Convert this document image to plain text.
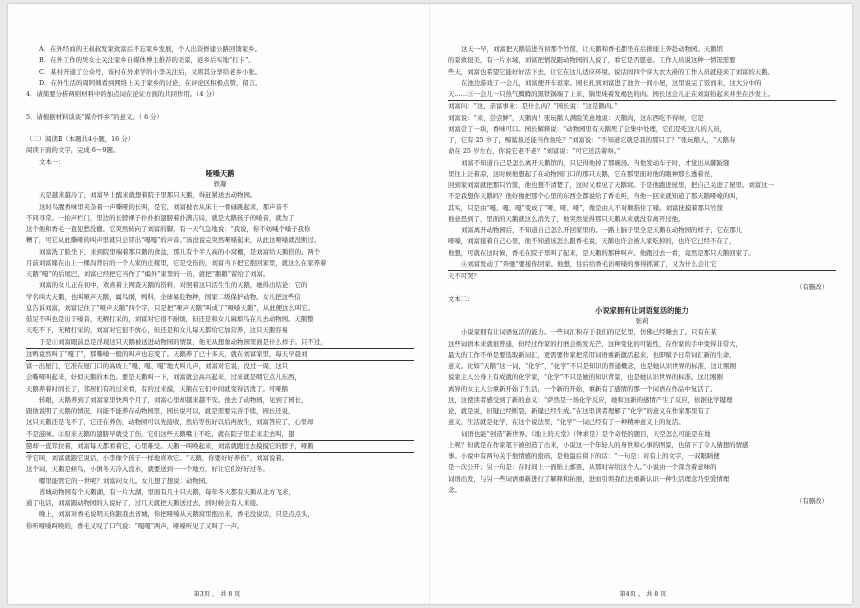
A．在外经商的王叔叔发家致富后不忘家乡发展，个人出资修建公路回馈家乡。
B．在外工作的吴女士关注家乡自媒体博主推荐的美景，返乡后实地“打卡”。
C．某村开通了公众号，该村在外求学的小李关注后，又将其分享给老乡小张。
D．在外生活的周阿姨看到网络上关于家乡的讨论，在评论区积极点赞、留言。
4．请简要分析两则材料中的加点词在论证方面的共同作用。（4 分）

5．请根据材料谈谈“媒介怀乡”的意义。（ 6 分）

（二）阅读Ⅱ（本题共4小题，16 分）
阅读下面的文字，完成 6～9题。
文本一：
哑嗓天鹅
轶凝
天是越来越冷了，刘富早上醒来就想着院子里那只天鹅，得赶紧送去动物园。
这时鸟腥香味里夹杂着一声嘶哑的长叫，是它，刘富披衣从床上一骨碌跳起来，那声音不
不同寻常。一抬声栏门，里边的长脖裸子扑扑拍翅膀着扑满吉局，就是大鹅孩子的嗓音，就为了
这个他和香毛一直犯愁没辙。它突然转向了刘富的脚，有一天气急地说：“我说，你不妨喊个嗓子我你
糟了，可它从此嘶哑的叫声里就只会冒出“嘎嘎”的声音。”汤没说完突然哑嗓起来，从此这哑嗓就没断过。
刘富洗了脸坐下，来到院里端着那只鹅的食盆，那儿有个半人高的小窝棚，是刘富给天鹅搭的。两个
月前刘富嫁在山上一棵沟背后的一个人家的庄稼里，它是受伤的，刘富当下把它抱回家里，就这么在家养着
天鹅“嘎”的后尾巴，刘富已经把它当作了“编外”家里的一员，就把“鹅鹅”留给了刘富。
刘富的女儿正在初中，欢喜着上网查天鹅的资料，对照着这只活生生的天鹅，她得出结论：它的
学名叫大天鹅，也叫哑声天鹅，属鸟纲，鸭科，全球易危物种，国家二级保护动物。女儿把这些信
息告诉刘富。刘富记住了“哑声天鹅”四个字，只是把“哑声天鹅”叫成了“哑嗓天鹅”，从此便这么叫它。
鼓足不叫也是出于嗓音，无精打采的，刘富对它很不耐烦，但还是和女儿麻烦鸟在儿去动物园。天鹅整
天吃不下，无精打采的，刘富对它很不放心，但还是和女儿每天都给它加营养，这只天鹅容易
于是①刘富眼前总是浮现这只天鹅被送进动物园的情景，他无从想象动物园里面是什么样子。只不过，
这鸭竟然叫了“嘎了”，那嘶嗓一般的叫声也忘变了。天鹅养了已十多天，就在刘富家里，每天早晨刘
富一出屋门，它准在屋门口的高坡上“嘎、嘎、嘎”地大叫儿声，刘富对它说，没过一周，这只
会嘶哑叫起来，好似天鹅的本色。要是天鹅叫一下，刘富就会高兴起来，过来就是喂它点儿东西，
天鹅养着时间长了，邻居们有的过来看，有的过来摸，天鹅在它们中间就变得活泼了。可哑鹅
转眼，天鹅养到了刘富家里快两个月了，刘富心里却越来越不安。他去了动物园，见到了园长，
跟他说明了天鹅的情况，问能不能养在动物园里，园长说可以，就是需要完善手续，园长还说，
这只天鹅还是飞不了，它还在养伤，动物园可以先接收，然后等伤好以后再放生，刘富答应了，心里却
不是滋味。②原来天鹅的翅膀早就受了伤，它们这些天鹅嘴上不吃，就在院子里走来走去叫，翅
膀却一直耷拉着，刘富每天都看着它，心里难受。天鹅一叫唤起来，刘富就跑过去摸摸它的脖子，哑鹅
学它叫，刘富就跟它说话，小李像个孩子一样地喜欢它。“天鹅，你要好好养伤”，刘富说着。
这个词，天鹅是候鸟，小镇冬天冷入没水，就要送到一一个地方，好让它们好好过冬。
哪里能管它的一世呢？刘富问女儿。女儿想了想说：动物园。
省城动物园有个天鹅湖，有一片大湖，里面有几十只天鹅，每年冬天都有天鹅从北方飞来，
通了电话，刘富跟动物园的人说好了，过几天就把天鹅送过去，到时候会有人来接。
晚上，刘富对香毛说明天你跟我去省城，你把哑嗓从天鹅窝里抱出来，香毛没说话，只是点点头，
你听哑嗓叫唤的，香毛又叹了口气说：“嘎嘎”两声，哑嗓听见了又叫了一声。
第3页 ， 共 8 页
这天一早，刘富把天鹅装进当初那个竹筐，让天鹅和香毛都坐在后排座上奔赴动物园。天鹅馆
的景致很美，有一片水域，刘富把情况跟动物园的人说了，看它是否愿意。工作人员说这种一情况需要
些天，刘富也希望它能好好活下去，让它在这儿适应环境。说话间四个穿大衣大褂的工作人员就迎来了刘富的天鹅。
在池边游戏了一会儿，刘富便开车返家。园长扎到刘富进了池舍一间小屋，这里说完了饭而来，这大分中的
天……③一会儿一只热气腾腾的黑铁锅端了上来，锅里炖着发褐色的肉。园长这会儿正在刘富抬起来并坐在沙发上。
刘富问：“这，亲富事业：是什么肉？”园长说：“这是鹅肉。”
刘富说：“来，尝尝鲜”，天鹅肉！张玩鹅人满脸笑意地说：天鹅肉，这东西吃不得呀，它是
刘富尝了一块，香味可口。园长解释说：“动物园里有天鹅死了会集中处理，它们是吃这儿的人员，
了，它有 25 岁了，鲸鲨鱼还能当作鱼吃？”刘富说：“不知道它就是我的那只了？”张玩鹅人，“天鹅寿
命在 25 岁左右，你说它老不老？”刘富说：“可它还活着呀。”
刘富不知道自己是怎么离开天鹅馆的，只记得他掉了那碗汤。当他发动车子时，才觉出从脚趾缝
里往上泛着凉，这时候他想起了在动物园门口的那只天鹅，它在那里面对他的眼神那么透着亮，
回到家刘富就把那只竹筐，他也想不清楚了，这时又看见了天鹅窝。于是他跑进屋里，把自己关进了屋里。刘富这一
不是我想你天鹅吗？他好像把那个心里的东西全都说给了香毛听，当他一回来就知道了那天鹅哑嗓的叫，
其实，只是由“嘎、嘎、嘎”变成了“哑、哑、哑”，像是由人不对顺指住了嗓。刘富抚摸着那只竹筐
他意思到了，里面的天鹅就这么消失了，他突然觉得那只天鹅从来就没有离开过他。
刘富离开动物园后，不知道自己怎么开回家里的。一路上脑子里全是天鹅在动物园的样子，它在那儿
哑嗓，刘富接着自己心里，他不知道该怎么跟香毛说，天鹅也许会被人家吃掉的，也许它已经不在了，
他想，可就在这时候，香毛在院子里叫了起来，是天鹅的那种叫声。他跑过去一看，竟然是那只天鹅回家了。
④刘富发动了“奔驰”要接你回家。他想，往后给香毛治哑嗓的事得抓紧了，又为什么会让它
天不可哭？
（有删改）
文本二：
小说家拥有让词语复活的能力
张莉
小说家拥有让词语复活的能力。一些词汇积存于我们的记忆里，仿佛已经睡去了。只有在某
这些词语本来就很普通，但经过作家的打磨会焕发光芒，这种变化的可能性，在作家的手中变得非常大，
最大的工作不单是要选取新词汇，更需要作家把常用词语重新激活起来，也即赋予日常词汇新的生命，
意义。比如“天鹅”这一词，“化学”，“化学”不只是知识的普通概念，也是她认识世界的标准，这让刚刚
说家主人公身上有成就的化学家，“化学”不只是她的知识背景，也是她认识世界的标准。这让刚刚
离异的女主人公重新开始了生活，一个新的开始，重新有了感情的那一个词语在作品中复活了。
这，这使读者感受到了新的意义：“萨然是一场化学反应，她和这新的感情产生了反应，依据化学键理
论，就是说，旧键已经断裂，新键已经生成。”在这里读者理解了“化学”的意义在作家那里有了
意义，生活就是化学，在这个说法里，“化学”一词已经有了一种精神意义上的复活。
词语也能“创造”新世界。《地上的天堂》（钟求是）是个奇怪的题目，天空怎么可能是在地
上呢？但就是在作家笔下被创造了出来，小说这一个年轻人的身世和心事的图景，也留下了令人猜想的情感
事。小说中有两句关于他情感的密码，是他最后留下的话：“一句是：对有上的文字，一双眼睛便
是一次公开；另一句是：在时间上一面贴上邮票，从那时寄给这个人。”小说由一个深含着意味的
词语出发，与另一些词语重新进行了解释和拓展，进而引领我们去重新认识一种生活理念乃至爱情理
念。
（有删改）
第4页 ， 共 8 页
